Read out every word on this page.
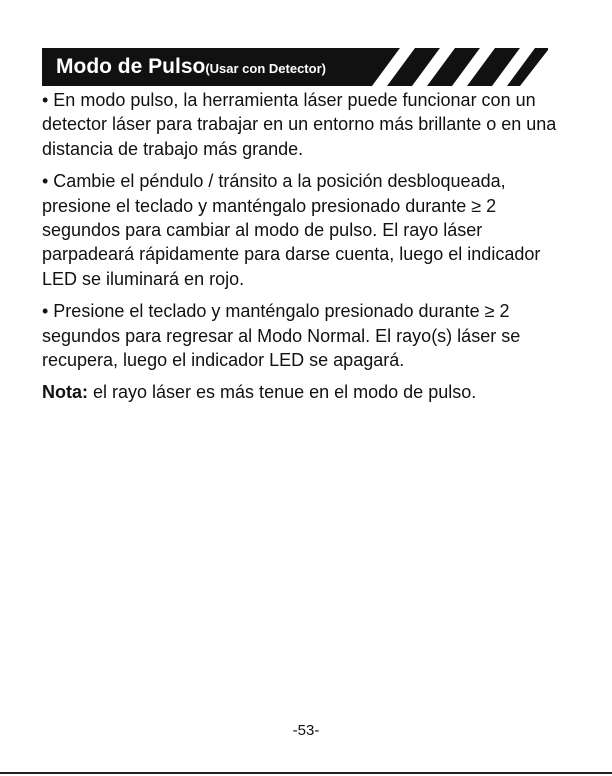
Modo de Pulso(Usar con Detector)

• En modo pulso, la herramienta láser puede funcionar con un detector láser para trabajar en un entorno más brillante o en una distancia de trabajo más grande.

• Cambie el péndulo / tránsito a la posición desbloqueada, presione el teclado y manténgalo presionado durante ≥ 2 segundos para cambiar al modo de pulso. El rayo láser parpadeará rápidamente para darse cuenta, luego el indicador LED se iluminará en rojo.

• Presione el teclado y manténgalo presionado durante ≥ 2 segundos para regresar al Modo Normal. El rayo(s) láser se recupera, luego el indicador LED se apagará.

Nota: el rayo láser es más tenue en el modo de pulso.

-53-
